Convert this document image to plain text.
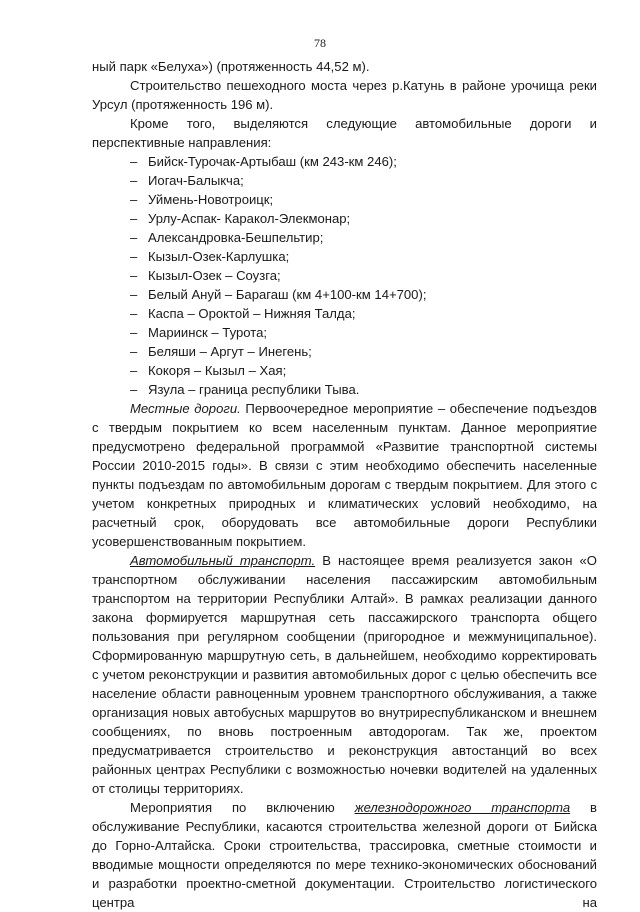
78

ный парк «Белуха») (протяженность 44,52 м).

Строительство пешеходного моста через р.Катунь в районе урочища реки Урсул (протяженность 196 м).

Кроме того, выделяются следующие автомобильные дороги и перспективные направления:

– Бийск-Турочак-Артыбаш (км 243-км 246);
– Иогач-Балыкча;
– Уймень-Новотроицк;
– Урлу-Аспак- Каракол-Элекмонар;
– Александровка-Бешпельтир;
– Кызыл-Озек-Карлушка;
– Кызыл-Озек – Соузга;
– Белый Ануй – Барагаш (км 4+100-км 14+700);
– Каспа – Ороктой – Нижняя Талда;
– Мариинск – Турота;
– Беляши – Аргут – Инегень;
– Кокоря – Кызыл – Хая;
– Язула – граница республики Тыва.

Местные дороги. Первоочередное мероприятие – обеспечение подъездов с твердым покрытием ко всем населенным пунктам. Данное мероприятие предусмотрено федеральной программой «Развитие транспортной системы России 2010-2015 годы». В связи с этим необходимо обеспечить населенные пункты подъездам по автомобильным дорогам с твердым покрытием. Для этого с учетом конкретных природных и климатических условий необходимо, на расчетный срок, оборудовать все автомобильные дороги Республики усовершенствованным покрытием.

Автомобильный транспорт. В настоящее время реализуется закон «О транспортном обслуживании населения пассажирским автомобильным транспортом на территории Республики Алтай». В рамках реализации данного закона формируется маршрутная сеть пассажирского транспорта общего пользования при регулярном сообщении (пригородное и межмуниципальное). Сформированную маршрутную сеть, в дальнейшем, необходимо корректировать с учетом реконструкции и развития автомобильных дорог с целью обеспечить все население области равноценным уровнем транспортного обслуживания, а также организация новых автобусных маршрутов во внутриреспубликанском и внешнем сообщениях, по вновь построенным автодорогам. Так же, проектом предусматривается строительство и реконструкция автостанций во всех районных центрах Республики с возможностью ночевки водителей на удаленных от столицы территориях.

Мероприятия по включению железнодорожного транспорта в обслуживание Республики, касаются строительства железной дороги от Бийска до Горно-Алтайска. Сроки строительства, трассировка, сметные стоимости и вводимые мощности определяются по мере технико-экономических обоснований и разработки проектно-сметной документации. Строительство логистического центра на
